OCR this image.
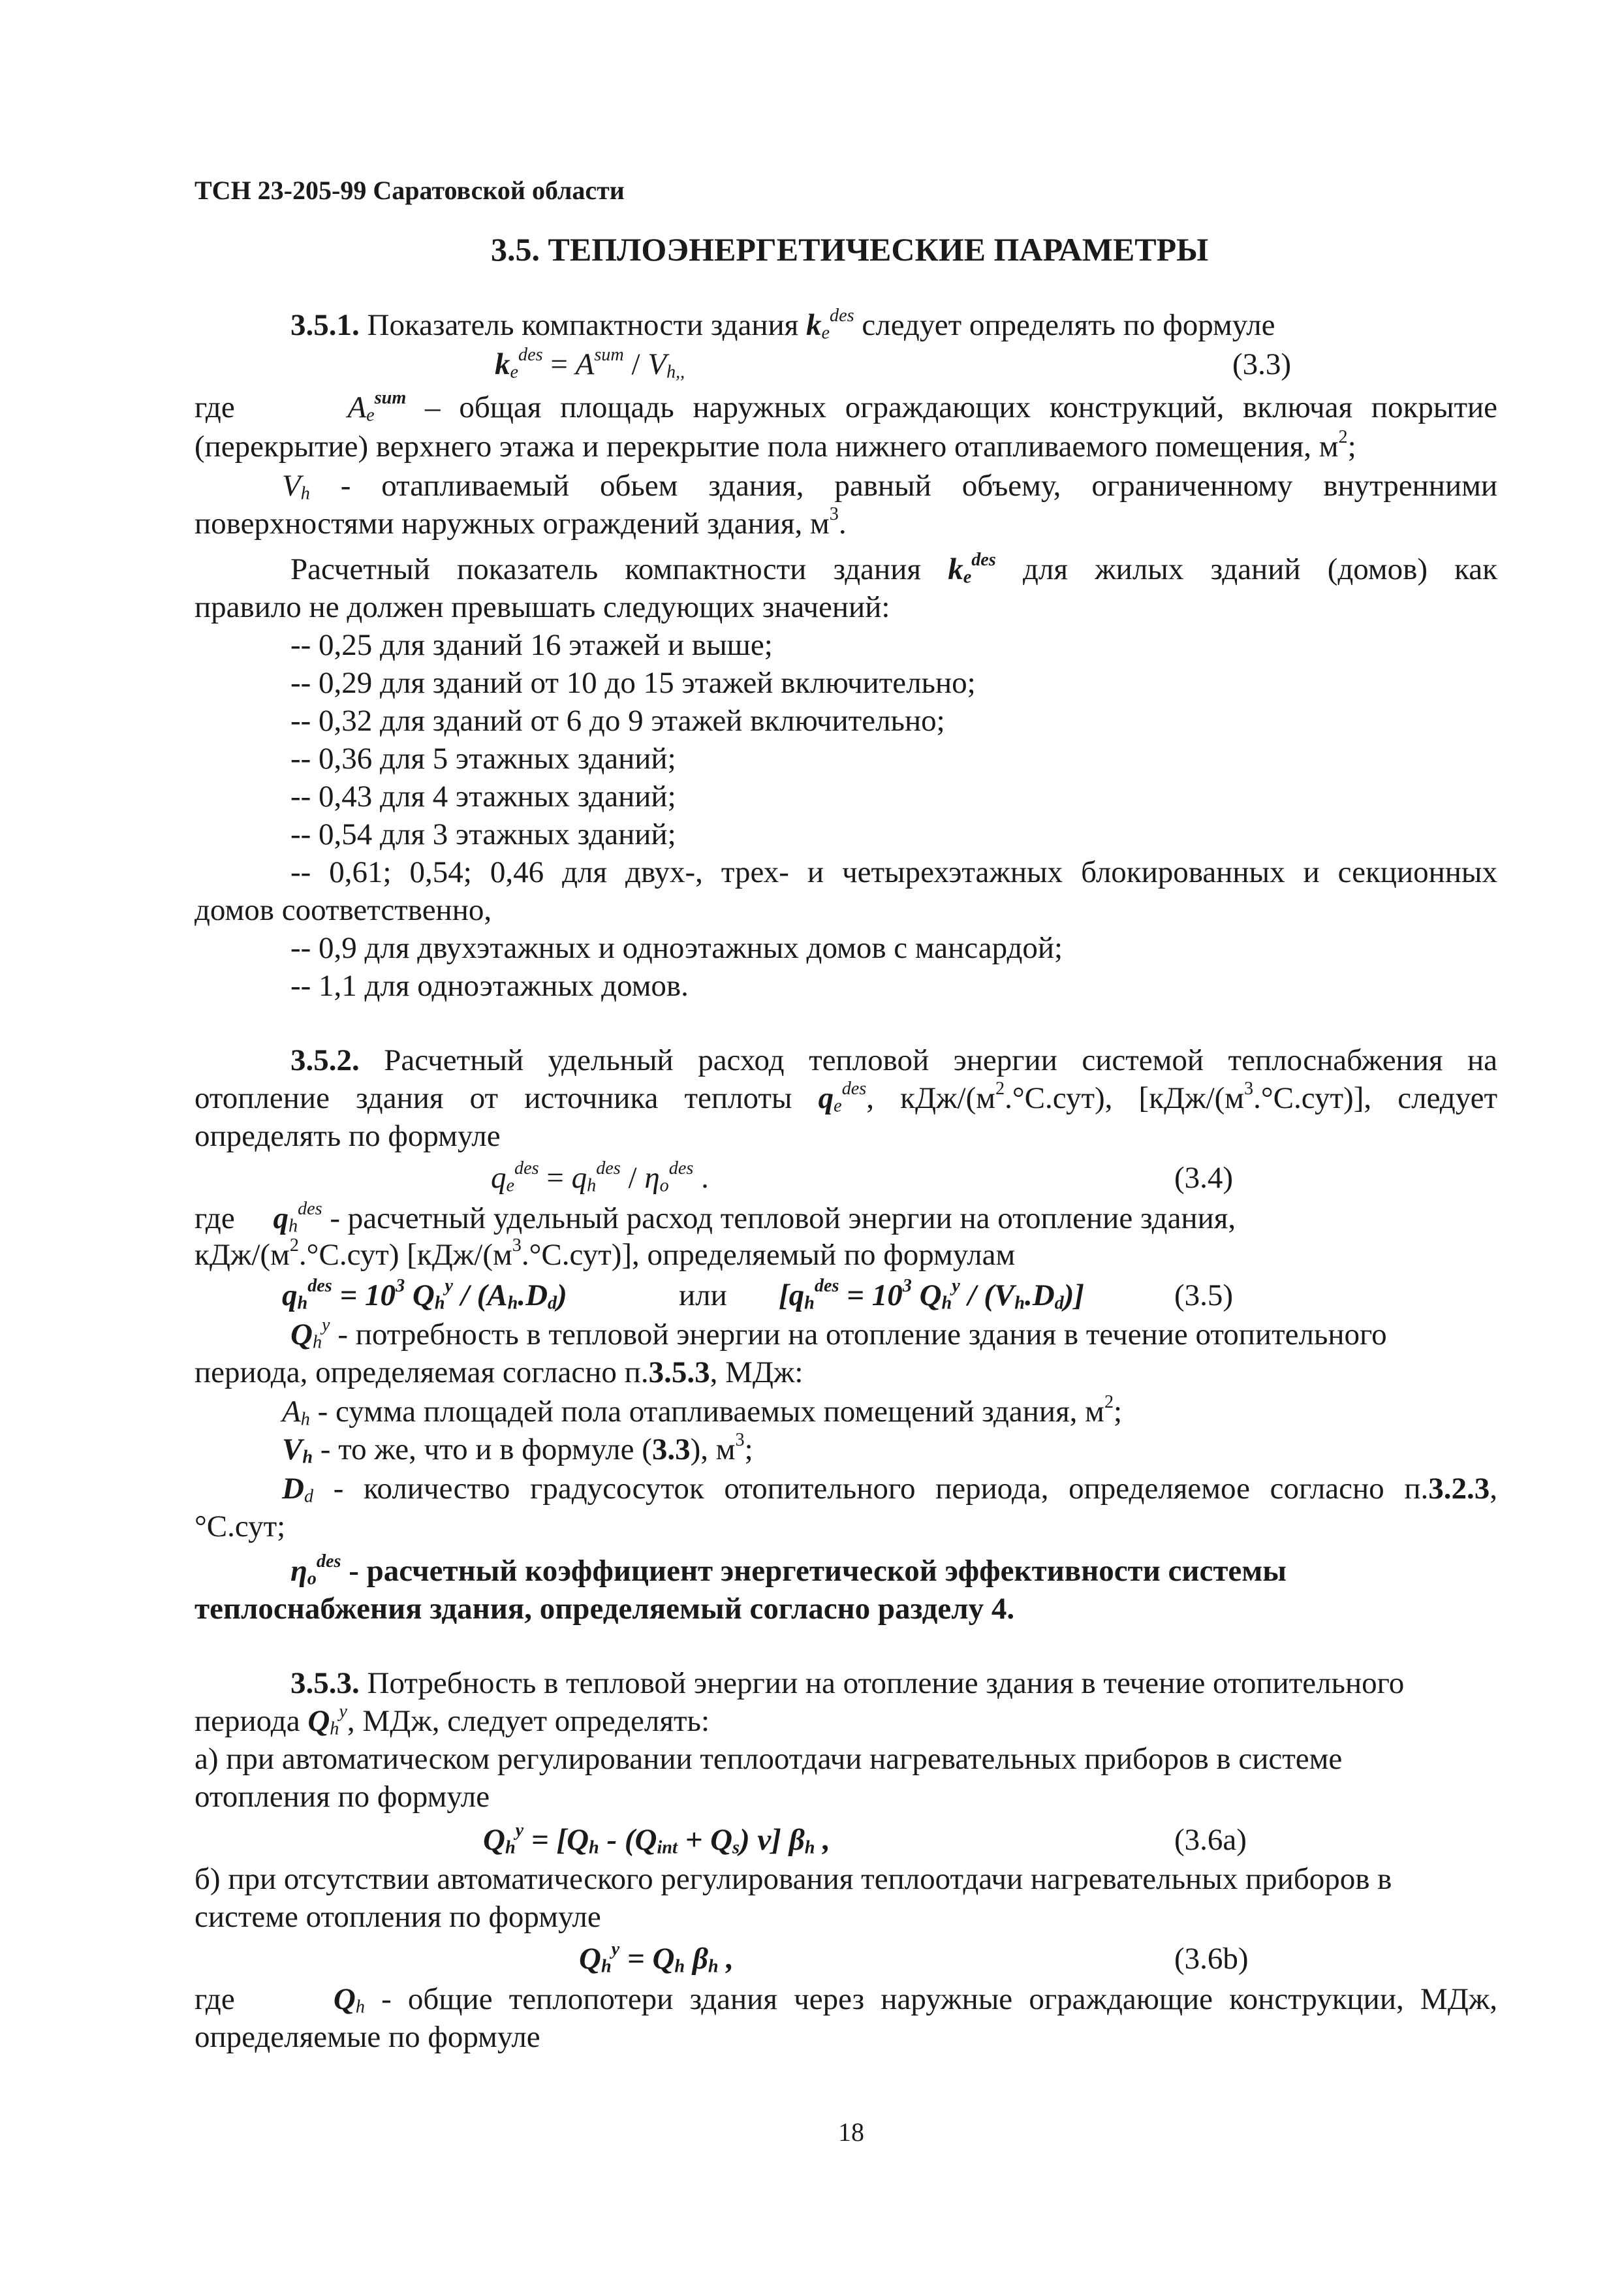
ТСН 23-205-99 Саратовской области

3.5. ТЕПЛОЭНЕРГЕТИЧЕСКИЕ ПАРАМЕТРЫ

3.5.1. Показатель компактности здания $k_e^{des}$ следует определять по формуле

$k_e^{des} = A^{sum} / V_{h,,}$	(3.3)

где	$A_e^{sum}$ – общая площадь наружных ограждающих конструкций, включая покрытие

(перекрытие) верхнего этажа и перекрытие пола нижнего отапливаемого помещения, $м^2$;

$V_h$ - отапливаемый обьем здания, равный объему, ограниченному внутренними

поверхностями наружных ограждений здания, $м^3$.

Расчетный показатель компактности здания $k_e^{des}$ для жилых зданий (домов) как

правило не должен превышать следующих значений:

-- 0,25 для зданий 16 этажей и выше;

-- 0,29 для зданий от 10 до 15 этажей включительно;

-- 0,32 для зданий от 6 до 9 этажей включительно;

-- 0,36 для 5 этажных зданий;

-- 0,43 для 4 этажных зданий;

-- 0,54 для 3 этажных зданий;

-- 0,61; 0,54; 0,46 для двух-, трех- и четырехэтажных блокированных и секционных

домов соответственно,

-- 0,9 для двухэтажных и одноэтажных домов с мансардой;

-- 1,1 для одноэтажных домов.

3.5.2. Расчетный удельный расход тепловой энергии системой теплоснабжения на

отопление здания от источника теплоты $q_e^{des}$, кДж/$(м^2.^\circ С.сут)$, $[кДж/(м^3.^\circ С.сут)]$, следует

определять по формуле

$q_e^{des} = q_h^{des} / \eta_o^{des}$ .	(3.4)

где $q_h^{des}$ - расчетный удельный расход тепловой энергии на отопление здания,

кДж/$(м^2.^\circ С.сут)$ $[кДж/(м^3.^\circ С.сут)]$, определяемый по формулам

$q_h^{des} = 10^3$ $Q_h^y / (A_h.D_d)$	или [$q_h^{des} = 10^3$ $Q_h^y / (V_h.D_d)$]	(3.5)

$Q_h^y$ - потребность в тепловой энергии на отопление здания в течение отопительного

периода, определяемая согласно п.3.5.3, МДж:

$A_h$ - сумма площадей пола отапливаемых помещений здания, $м^2$;

$V_h$ - то же, что и в формуле (3.3), $м^3$;

$D_d$ - количество градусосуток отопительного периода, определяемое согласно п.3.2.3,

°С.сут;

$\eta_o^{des}$ - расчетный коэффициент энергетической эффективности системы

теплоснабжения здания, определяемый согласно разделу 4.

3.5.3. Потребность в тепловой энергии на отопление здания в течение отопительного

периода $Q_h^y$, МДж, следует определять:

а) при автоматическом регулировании теплоотдачи нагревательных приборов в системе

отопления по формуле

$Q_h^y = [Q_h - (Q_{int} + Q_s)$ ν] $\beta_h$ ,	(3.6а)

б) при отсутствии автоматического регулирования теплоотдачи нагревательных приборов в

системе отопления по формуле

$Q_h^y = Q_h$ $\beta_h$ ,	(3.6b)

где	$Q_h$ - общие теплопотери здания через наружные ограждающие конструкции, МДж,

определяемые по формуле

18
